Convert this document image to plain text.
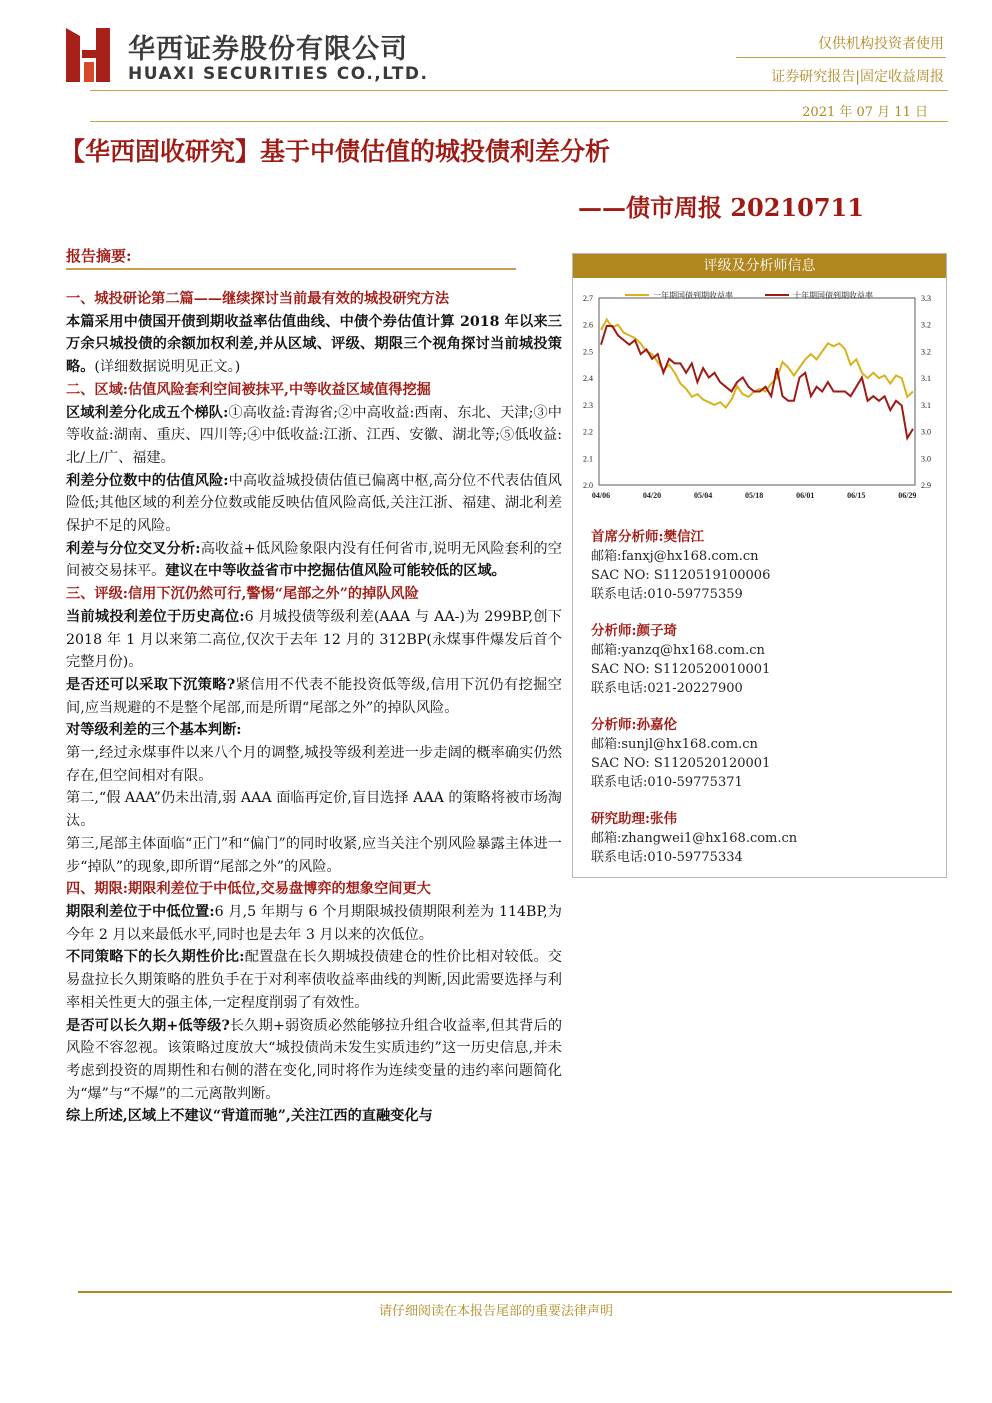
华西证券股份有限公司
HUAXI SECURITIES CO.,LTD.
仅供机构投资者使用
证券研究报告|固定收益周报
2021 年 07 月 11 日
【华西固收研究】基于中债估值的城投债利差分析
——债市周报 20210711
报告摘要:

一、城投研论第二篇——继续探讨当前最有效的城投研究方法

本篇采用中债国开债到期收益率估值曲线、中债个券估值计算 2018 年以来三万余只城投债的余额加权利差,并从区域、评级、期限三个视角探讨当前城投策略。(详细数据说明见正文。)

二、区域:估值风险套利空间被抹平,中等收益区域值得挖掘

区域利差分化成五个梯队:①高收益:青海省;②中高收益:西南、东北、天津;③中等收益:湖南、重庆、四川等;④中低收益:江浙、江西、安徽、湖北等;⑤低收益:北/上/广、福建。

利差分位数中的估值风险:中高收益城投债估值已偏离中枢,高分位不代表估值风险低;其他区域的利差分位数或能反映估值风险高低,关注江浙、福建、湖北利差保护不足的风险。

利差与分位交叉分析:高收益+低风险象限内没有任何省市,说明无风险套利的空间被交易抹平。建议在中等收益省市中挖掘估值风险可能较低的区域。

三、评级:信用下沉仍然可行,警惕“尾部之外”的掉队风险

当前城投利差位于历史高位:6 月城投债等级利差(AAA 与 AA-)为 299BP,创下 2018 年 1 月以来第二高位,仅次于去年 12 月的 312BP(永煤事件爆发后首个完整月份)。

是否还可以采取下沉策略?紧信用不代表不能投资低等级,信用下沉仍有挖掘空间,应当规避的不是整个尾部,而是所谓“尾部之外”的掉队风险。

对等级利差的三个基本判断:

第一,经过永煤事件以来八个月的调整,城投等级利差进一步走阔的概率确实仍然存在,但空间相对有限。

第二,“假 AAA”仍未出清,弱 AAA 面临再定价,盲目选择 AAA 的策略将被市场淘汰。

第三,尾部主体面临“正门”和“偏门”的同时收紧,应当关注个别风险暴露主体进一步“掉队”的现象,即所谓“尾部之外”的风险。

四、期限:期限利差位于中低位,交易盘博弈的想象空间更大

期限利差位于中低位置:6 月,5 年期与 6 个月期限城投债期限利差为 114BP,为今年 2 月以来最低水平,同时也是去年 3 月以来的次低位。

不同策略下的长久期性价比:配置盘在长久期城投债建仓的性价比相对较低。交易盘拉长久期策略的胜负手在于对利率债收益率曲线的判断,因此需要选择与利率相关性更大的强主体,一定程度削弱了有效性。

是否可以长久期+低等级?长久期+弱资质必然能够拉升组合收益率,但其背后的风险不容忽视。该策略过度放大“城投债尚未发生实质违约”这一历史信息,并未考虑到投资的周期性和右侧的潜在变化,同时将作为连续变量的违约率问题简化为“爆”与“不爆”的二元离散判断。

综上所述,区域上不建议“背道而驰”,关注江西的直融变化与

评级及分析师信息
2.0
2.1
2.2
2.3
2.4
2.5
2.6
2.7
2.9
3.0
3.0
3.1
3.1
3.2
3.2
3.3
04/06	04/20	05/04	05/18	06/01	06/15	06/29
一年期国债到期收益率	十年期国债到期收益率
首席分析师:樊信江
邮箱:fanxj@hx168.com.cn
SAC NO: S1120519100006
联系电话:010-59775359
分析师:颜子琦
邮箱:yanzq@hx168.com.cn
SAC NO: S1120520010001
联系电话:021-20227900
分析师:孙嘉伦
邮箱:sunjl@hx168.com.cn
SAC NO: S1120520120001
联系电话:010-59775371
研究助理:张伟
邮箱:zhangwei1@hx168.com.cn
联系电话:010-59775334
请仔细阅读在本报告尾部的重要法律声明
